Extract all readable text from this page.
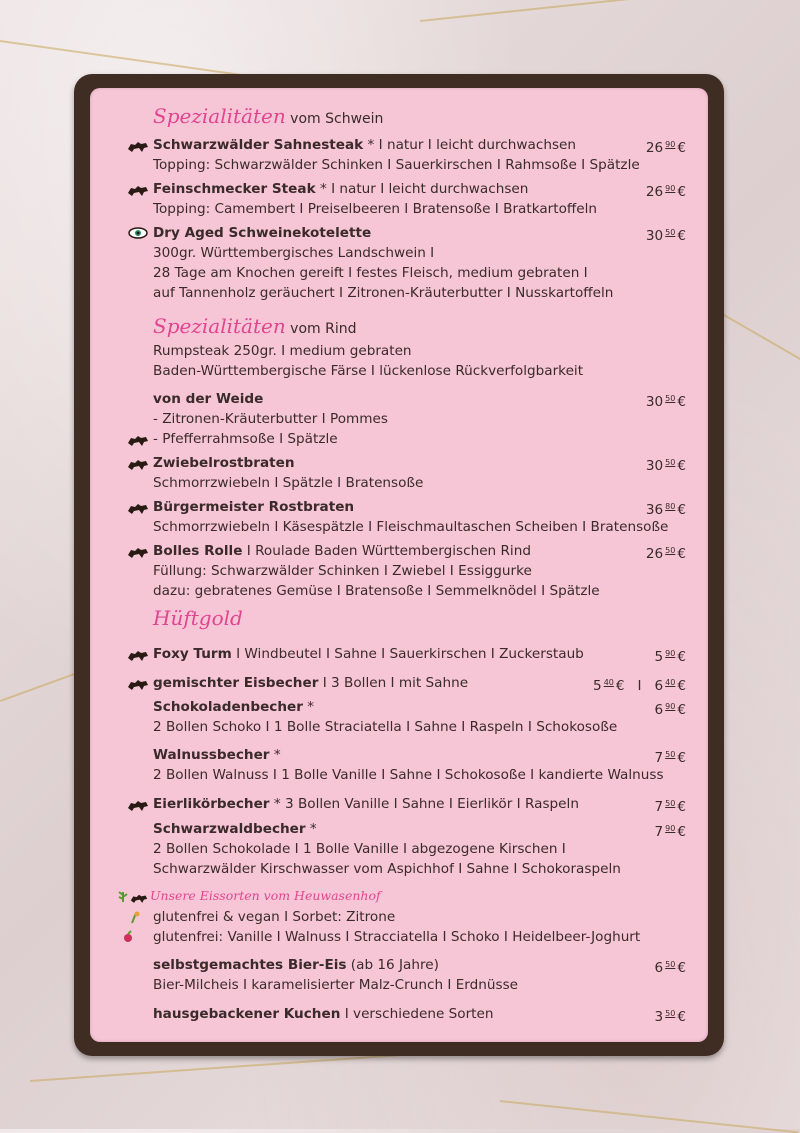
Spezialitäten vom Schwein
Schwarzwälder Sahnesteak * I natur I leicht durchwachsen	26 $^{90}$ €
Topping: Schwarzwälder Schinken I Sauerkirschen I Rahmsoße I Spätzle
Feinschmecker Steak * I natur I leicht durchwachsen	26 $^{90}$ €
Topping: Camembert I Preiselbeeren I Bratensoße I Bratkartoffeln
Dry Aged Schweinekotelette	30 $^{50}$ €
300gr. Württembergisches Landschwein I
28 Tage am Knochen gereift I festes Fleisch, medium gebraten I
auf Tannenholz geräuchert I Zitronen-Kräuterbutter I Nusskartoffeln
Spezialitäten vom Rind
Rumpsteak 250gr. I medium gebraten
Baden-Württembergische Färse I lückenlose Rückverfolgbarkeit
von der Weide	30 $^{50}$ €
- Zitronen-Kräuterbutter I Pommes
- Pfefferrahmsoße I Spätzle
Zwiebelrostbraten	30 $^{50}$ €
Schmorrzwiebeln I Spätzle I Bratensoße
Bürgermeister Rostbraten	36 $^{80}$ €
Schmorrzwiebeln I Käsespätzle I Fleischmaultaschen Scheiben I Bratensoße
Bolles Rolle I Roulade Baden Württembergischen Rind	26 $^{50}$ €
Füllung: Schwarzwälder Schinken I Zwiebel I Essiggurke
dazu: gebratenes Gemüse I Bratensoße I Semmelknödel I Spätzle
Hüftgold
Foxy Turm I Windbeutel I Sahne I Sauerkirschen I Zuckerstaub	5 $^{90}$ €
gemischter Eisbecher I 3 Bollen I mit Sahne	5 $^{40}$ € I 6 $^{40}$ €
Schokoladenbecher *	6 $^{90}$ €
2 Bollen Schoko I 1 Bolle Straciatella I Sahne I Raspeln I Schokosoße
Walnussbecher *	7 $^{50}$ €
2 Bollen Walnuss I 1 Bolle Vanille I Sahne I Schokosoße I kandierte Walnuss
Eierlikörbecher * 3 Bollen Vanille I Sahne I Eierlikör I Raspeln	7 $^{50}$ €
Schwarzwaldbecher *	7 $^{90}$ €
2 Bollen Schokolade I 1 Bolle Vanille I abgezogene Kirschen I
Schwarzwälder Kirschwasser vom Aspichhof I Sahne I Schokoraspeln
Unsere Eissorten vom Heuwasenhof
glutenfrei & vegan I Sorbet: Zitrone
glutenfrei: Vanille I Walnuss I Stracciatella I Schoko I Heidelbeer-Joghurt
selbstgemachtes Bier-Eis (ab 16 Jahre)	6 $^{50}$ €
Bier-Milcheis I karamelisierter Malz-Crunch I Erdnüsse
hausgebackener Kuchen I verschiedene Sorten	3 $^{50}$ €
